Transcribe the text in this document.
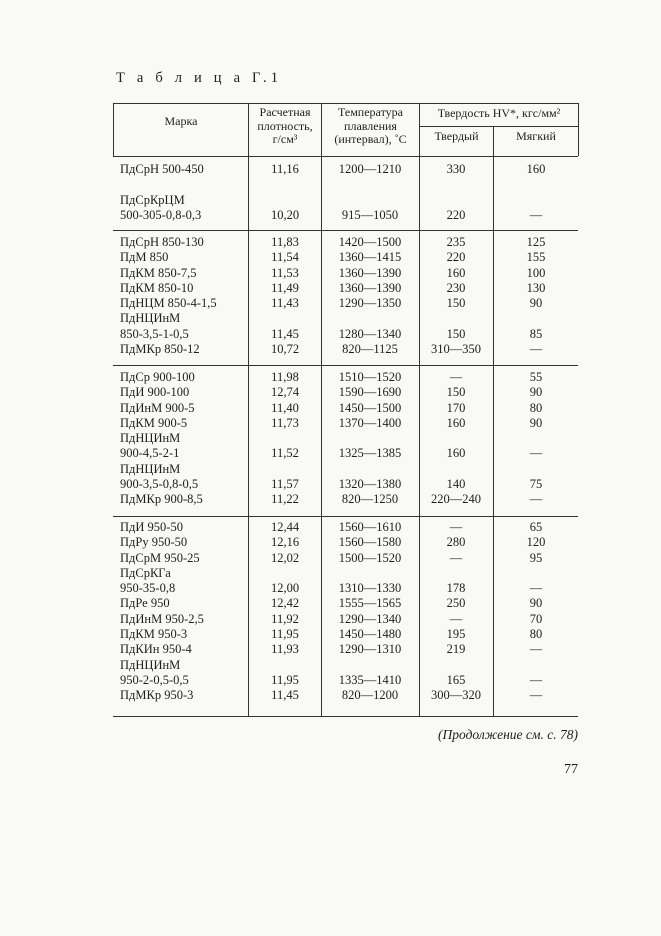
Т а б л и ц а Г.1
Марка
Расчетная
плотность,
г/см³
Температура
плавления
(интервал), ˚С
Твердость HV*, кгс/мм²
Твердый	Мягкий
ПдСрН 500-450
ПдСрКрЦМ
500-305-0,8-0,3
11,16
10,20
1200—1210
915—1050
330
220
160
—
ПдСрН 850-130
ПдМ 850
ПдКМ 850-7,5
ПдКМ 850-10
ПдНЦМ 850-4-1,5
ПдНЦИнМ
850-3,5-1-0,5
ПдМКр 850-12
11,83
11,54
11,53
11,49
11,43
11,45
10,72
1420—1500
1360—1415
1360—1390
1360—1390
1290—1350
1280—1340
820—1125
235
220
160
230
150
150
310—350
125
155
100
130
90
85
—
ПдСр 900-100
ПдИ 900-100
ПдИнМ 900-5
ПдКМ 900-5
ПдНЦИнМ
900-4,5-2-1
ПдНЦИнМ
900-3,5-0,8-0,5
ПдМКр 900-8,5
11,98
12,74
11,40
11,73
11,52
11,57
11,22
1510—1520
1590—1690
1450—1500
1370—1400
1325—1385
1320—1380
820—1250
—
150
170
160
160
140
220—240
55
90
80
90
—
75
—
ПдИ 950-50
ПдРу 950-50
ПдСрМ 950-25
ПдСрКГа
950-35-0,8
ПдРе 950
ПдИнМ 950-2,5
ПдКМ 950-3
ПдКИн 950-4
ПдНЦИнМ
950-2-0,5-0,5
ПдМКр 950-3
12,44
12,16
12,02
12,00
12,42
11,92
11,95
11,93
11,95
11,45
1560—1610
1560—1580
1500—1520
1310—1330
1555—1565
1290—1340
1450—1480
1290—1310
1335—1410
820—1200
—
280
—
178
250
—
195
219
165
300—320
65
120
95
—
90
70
80
—
—
—
(Продолжение см. с. 78)
77
